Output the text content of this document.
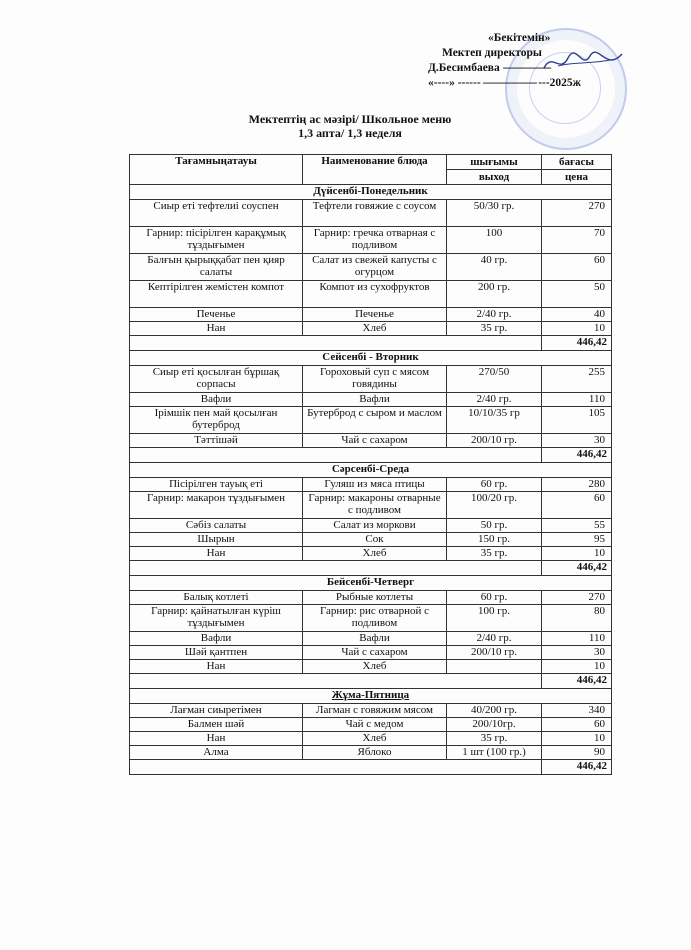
«Бекітемін»
Мектеп директоры
Д.Бесимбаева -----------------
«----» ------ ------------------- ---2025ж
Мектептің ас мәзірі/ Школьное меню
1,3 апта/ 1,3 неделя
Тағамныңатауы	Наименование блюда	шығымы	бағасы
		выход	цена
Дүйсенбі-Понедельник			
Сиыр еті тефтелиі соуспен	Тефтели говяжие с соусом	50/30 гр.	270
Гарнир: пісірілген карақұмық тұздығымен	Гарнир: гречка отварная с подливом	100	70
Балғын қырыққабат пен қияр салаты	Салат из свежей капусты с огурцом	40 гр.	60
Кептірілген жемістен компот	Компот из сухофруктов	200 гр.	50
Печенье	Печенье	2/40 гр.	40
Нан	Хлеб	35 гр.	10
			446,42
Сейсенбі - Вторник			
Сиыр еті қосылған бұршақ сорпасы	Гороховый суп с мясом говядины	270/50	255
Вафли	Вафли	2/40 гр.	110
Ірімшік пен май қосылған бутерброд	Бутерброд с сыром и маслом	10/10/35 гр	105
Тәттішәй	Чай с сахаром	200/10 гр.	30
			446,42
Сәрсенбі-Среда			
Пісірілген тауық еті	Гуляш из мяса птицы	60 гр.	280
Гарнир: макарон тұздығымен	Гарнир: макароны отварные с подливом	100/20 гр.	60
Сәбіз салаты	Салат из моркови	50 гр.	55
Шырын	Сок	150 гр.	95
Нан	Хлеб	35 гр.	10
			446,42
Бейсенбі-Четверг			
Балық котлеті	Рыбные котлеты	60 гр.	270
Гарнир: қайнатылған күріш тұздығымен	Гарнир: рис отварной с подливом	100 гр.	80
Вафли	Вафли	2/40 гр.	110
Шәй қантпен	Чай с сахаром	200/10 гр.	30
Нан	Хлеб		10
			446,42
Жұма-Пятница			
Лағман сиыретімен	Лагман с говяжим мясом	40/200 гр.	340
Балмен шәй	Чай с медом	200/10гр.	60
Нан	Хлеб	35 гр.	10
Алма	Яблоко	1 шт (100 гр.)	90
			446,42
